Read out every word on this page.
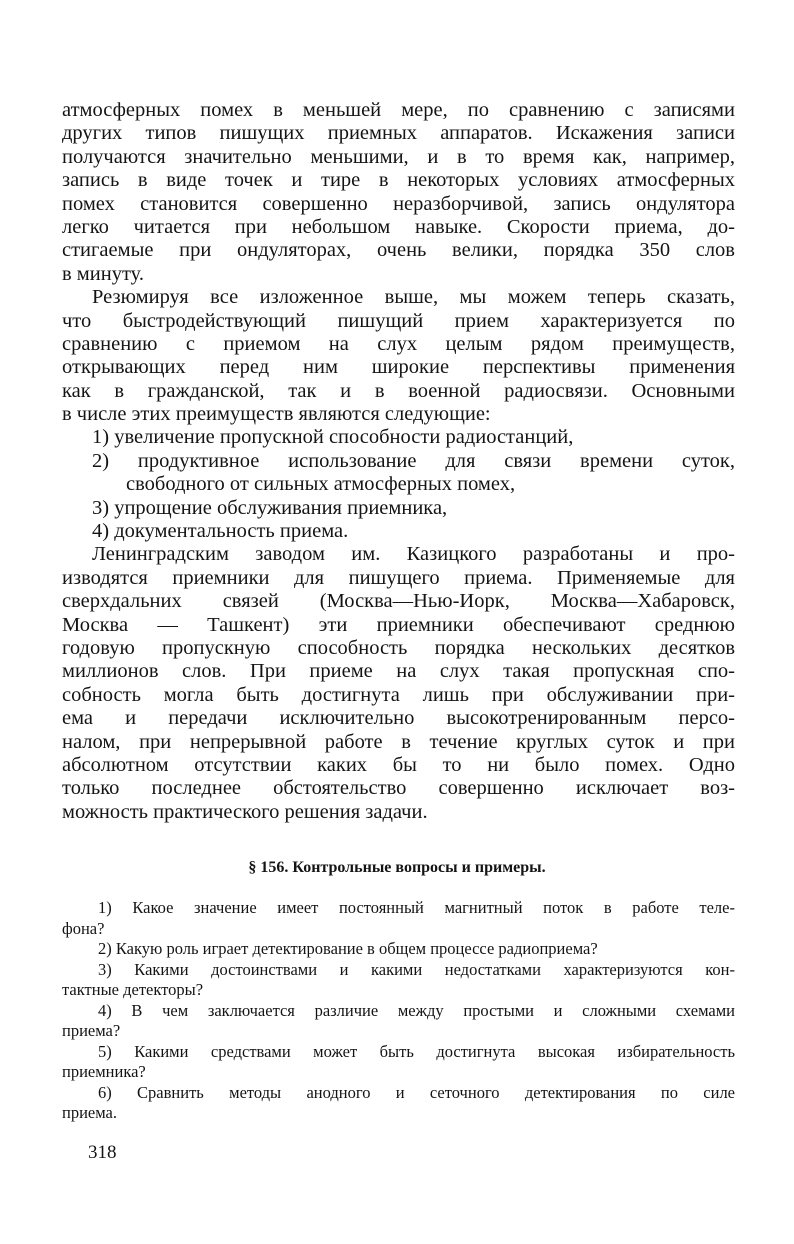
атмосферных помех в меньшей мере, по сравнению с записями
других типов пишущих приемных аппаратов. Искажения записи
получаются значительно меньшими, и в то время как, например,
запись в виде точек и тире в некоторых условиях атмосферных
помех становится совершенно неразборчивой, запись ондулятора
легко читается при небольшом навыке. Скорости приема, до-
стигаемые при ондуляторах, очень велики, порядка 350 слов
в минуту.
Резюмируя все изложенное выше, мы можем теперь сказать,
что быстродействующий пишущий прием характеризуется по
сравнению с приемом на слух целым рядом преимуществ,
открывающих перед ним широкие перспективы применения
как в гражданской, так и в военной радиосвязи. Основными
в числе этих преимуществ являются следующие:
1) увеличение пропускной способности радиостанций,
2) продуктивное использование для связи времени суток,
свободного от сильных атмосферных помех,
3) упрощение обслуживания приемника,
4) документальность приема.
Ленинградским заводом им. Казицкого разработаны и про-
изводятся приемники для пишущего приема. Применяемые для
сверхдальних связей (Москва—Нью-Иорк, Москва—Хабаровск,
Москва — Ташкент) эти приемники обеспечивают среднюю
годовую пропускную способность порядка нескольких десятков
миллионов слов. При приеме на слух такая пропускная спо-
собность могла быть достигнута лишь при обслуживании при-
ема и передачи исключительно высокотренированным персо-
налом, при непрерывной работе в течение круглых суток и при
абсолютном отсутствии каких бы то ни было помех. Одно
только последнее обстоятельство совершенно исключает воз-
можность практического решения задачи.
§ 156. Контрольные вопросы и примеры.
1) Какое значение имеет постоянный магнитный поток в работе теле-
фона?
2) Какую роль играет детектирование в общем процессе радиоприема?
3) Какими достоинствами и какими недостатками характеризуются кон-
тактные детекторы?
4) В чем заключается различие между простыми и сложными схемами
приема?
5) Какими средствами может быть достигнута высокая избирательность
приемника?
6) Сравнить методы анодного и сеточного детектирования по силе
приема.
318
